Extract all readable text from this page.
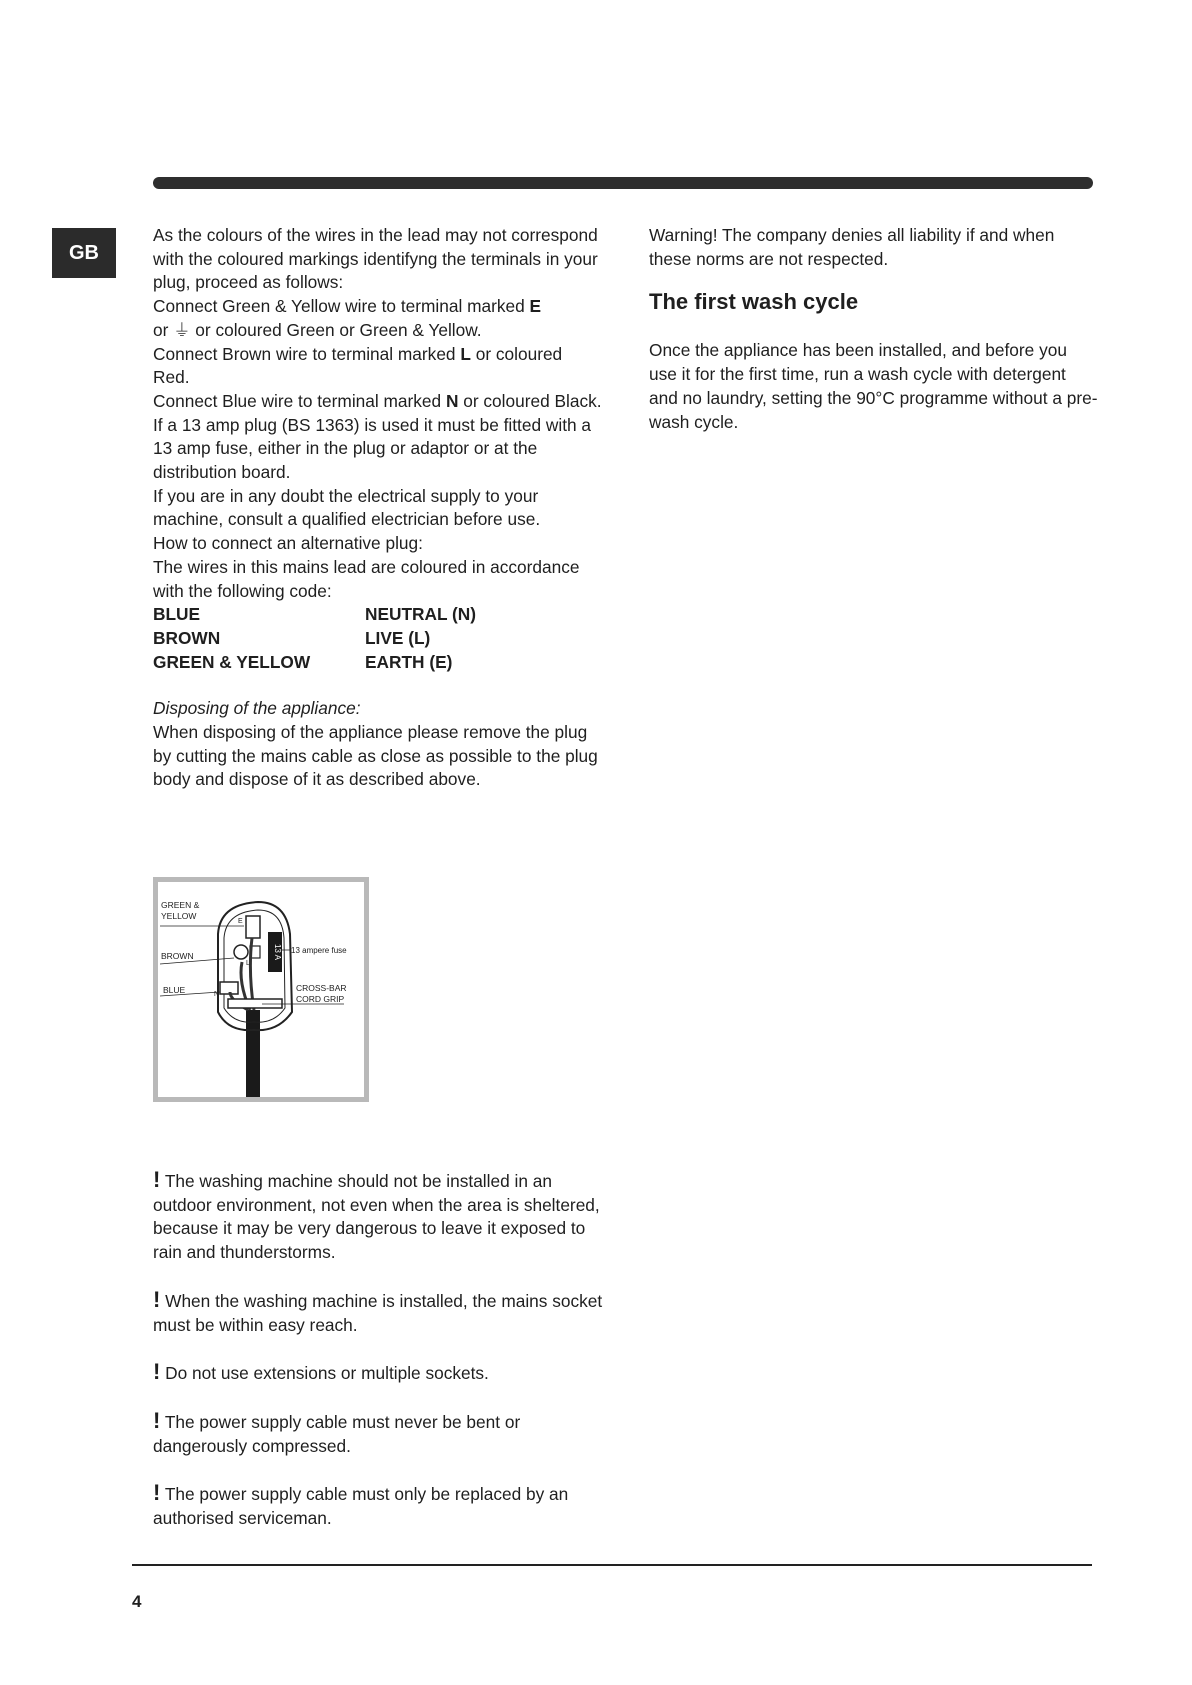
GB

As the colours of the wires in the lead may not correspond with the coloured markings identifyng the terminals in your plug, proceed as follows:

Connect Green & Yellow wire to terminal marked E
or ⏚ or coloured Green or Green & Yellow.

Connect Brown wire to terminal marked L or coloured Red.

Connect Blue wire to terminal marked N or coloured Black.

If a 13 amp plug (BS 1363) is used it must be fitted with a

13 amp fuse, either in the plug or adaptor or at the distribution board.

If you are in any doubt the electrical supply to your machine, consult a qualified electrician before use.

How to connect an alternative plug:

The wires in this mains lead are coloured in accordance with the following code:

BLUE	NEUTRAL (N)
BROWN	LIVE (L)
GREEN & YELLOW	EARTH (E)

Disposing of the appliance:

When disposing of the appliance please remove the plug by cutting the mains cable as close as possible to the plug body and dispose of it as described above.

13 A
E
L
N
GREEN &
YELLOW
BROWN
BLUE
13 ampere fuse
CROSS-BAR
CORD GRIP

! The washing machine should not be installed in an outdoor environment, not even when the area is sheltered, because it may be very dangerous to leave it exposed to rain and thunderstorms.

! When the washing machine is installed, the mains socket must be within easy reach.

! Do not use extensions or multiple sockets.

! The power supply cable must never be bent or dangerously compressed.

! The power supply cable must only be replaced by an authorised serviceman.

Warning! The company denies all liability if and when these norms are not respected.

The first wash cycle

Once the appliance has been installed, and before you use it for the first time, run a wash cycle with detergent and no laundry, setting the 90°C programme without a pre-wash cycle.

4
